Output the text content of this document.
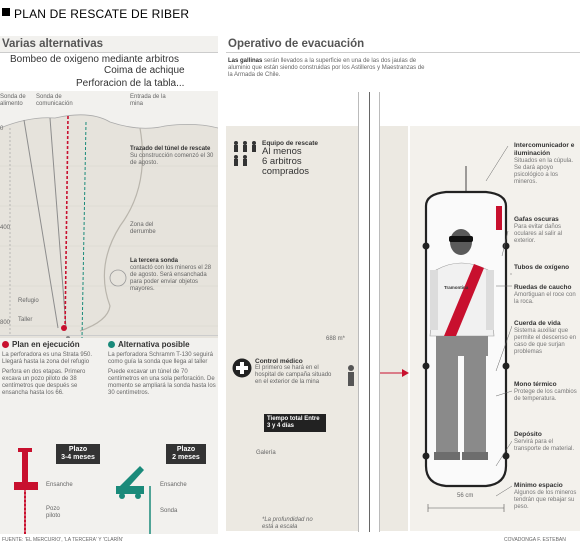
PLAN DE RESCATE DE RIBER
Varias alternativas
Bombeo de oxigeno mediante arbitros
Coima de achique
Perforacion de la tabla...
Sonda de alimento
Sonda de comunicación
Entrada de la mina
0
400
800
Zona del derrumbe
Refugio
Taller
Trazado del túnel de rescate
Su construcción comenzó el 30 de agosto.
La tercera sonda
contactó con los mineros el 28 de agosto. Será ensanchada para poder enviar objetos mayores.
Plan en ejecución
La perforadora es una Strata 950. Llegará hasta la zona del refugio
Perfora en dos etapas. Primero excava un pozo piloto de 38 centímetros que después se ensancha hasta los 66.
Alternativa posible
La perforadora Schramm T-130 seguirá como guía la sonda que llega al taller
Puede excavar un túnel de 70 centímetros en una sola perforación. De momento se ampliará la sonda hasta los 30 centímetros.
Plazo
3-4 meses
Plazo
2 meses
Ensanche
Pozo piloto
Ensanche
Sonda
Operativo de evacuación
Las gallinas serán llevados a la superficie en una de las dos jaulas de aluminio que están siendo construidas por los Astilleros y Maestranzas de la Armada de Chile.
Equipo de rescate
Al menos
6 arbitros
comprados
688 m*
Control médico
El primero se hará en el hospital de campaña situado en el exterior de la mina
Tiempo total Entre 3 y 4 días
Galería
*La profundidad no está a escala
Tramontina
56 cm
Intercomunicador e iluminación
Situados en la cúpula. Se dará apoyo psicológico a los mineros.
Gafas oscuras
Para evitar daños oculares al salir al exterior.
Tubos de oxígeno
Ruedas de caucho
Amortiguan el roce con la roca.
Cuerda de vida
Sistema auxiliar que permite el descenso en caso de que surjan problemas
Mono térmico
Protege de los cambios de temperatura.
Depósito
Servirá para el transporte de material.
Mínimo espacio
Algunos de los mineros tendrán que rebajar su peso.
FUENTE: 'EL MERCURIO', 'LA TERCERA' Y 'CLARÍN'	COVADONGA F. ESTEBAN
